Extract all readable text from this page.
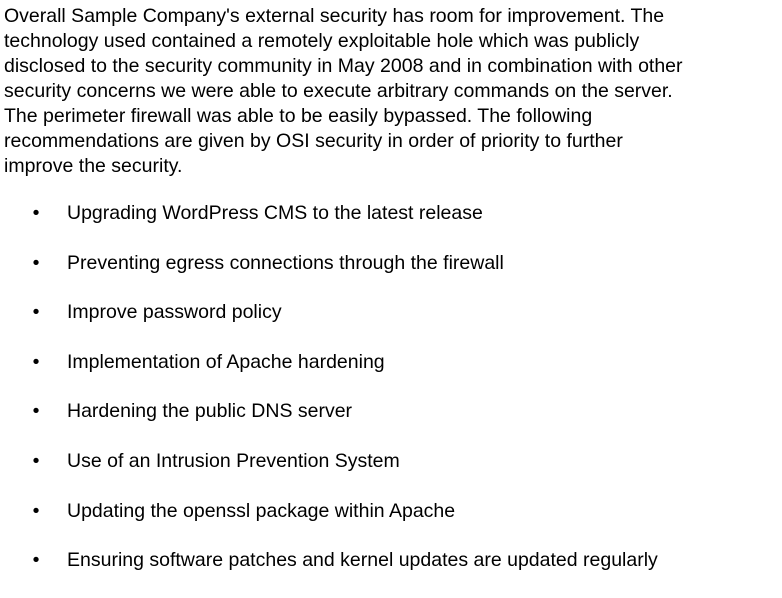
Overall Sample Company's external security has room for improvement. The
technology used contained a remotely exploitable hole which was publicly
disclosed to the security community in May 2008 and in combination with other
security concerns we were able to execute arbitrary commands on the server.
The perimeter firewall was able to be easily bypassed. The following
recommendations are given by OSI security in order of priority to further
improve the security.

• Upgrading WordPress CMS to the latest release
• Preventing egress connections through the firewall
• Improve password policy
• Implementation of Apache hardening
• Hardening the public DNS server
• Use of an Intrusion Prevention System
• Updating the openssl package within Apache
• Ensuring software patches and kernel updates are updated regularly
